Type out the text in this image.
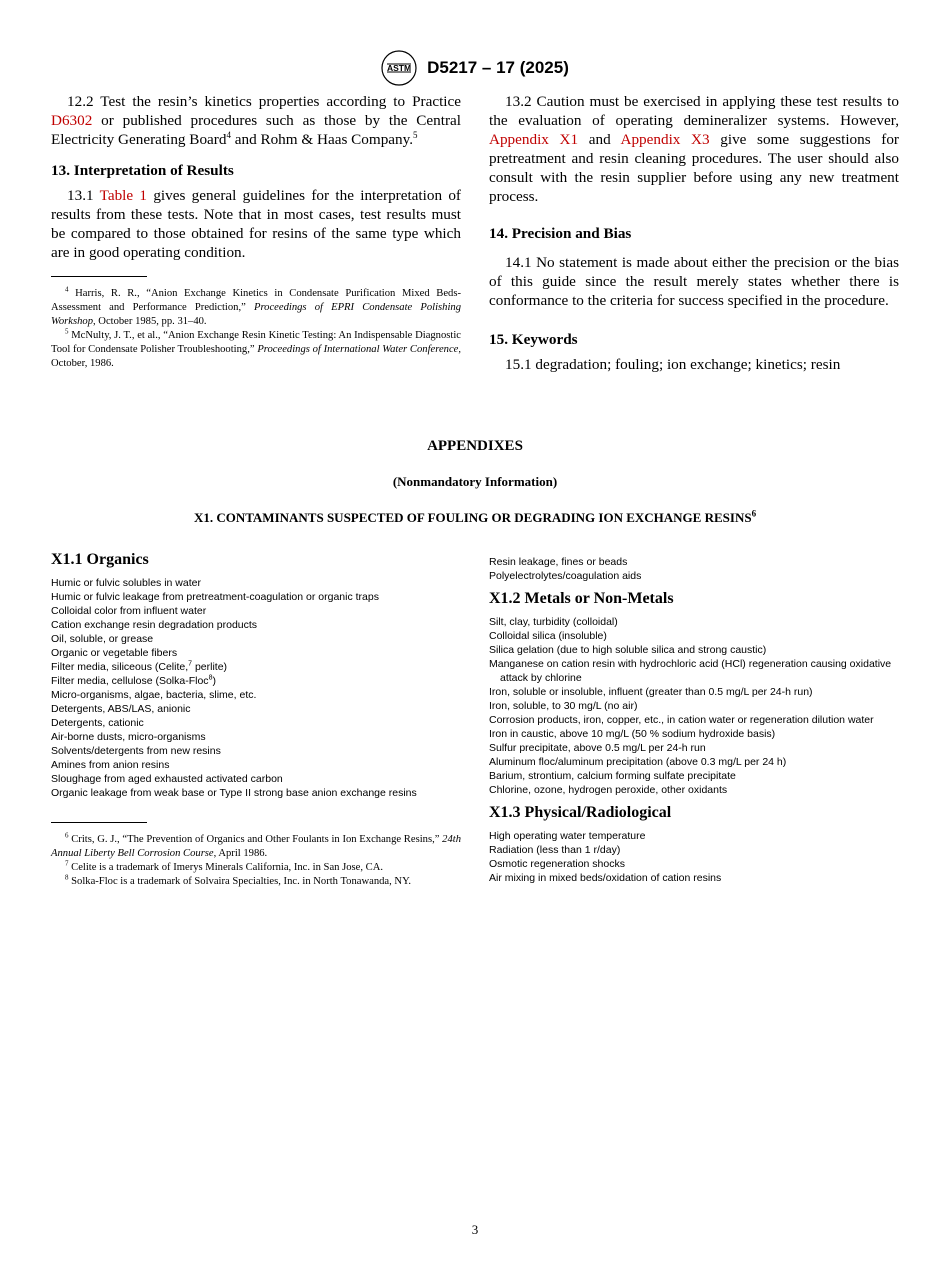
ASTM D5217 – 17 (2025)

12.2 Test the resin’s kinetics properties according to Practice D6302 or published procedures such as those by the Central Electricity Generating Board$^4$ and Rohm & Haas Company.$^5$

13. Interpretation of Results

13.1 Table 1 gives general guidelines for the interpretation of results from these tests. Note that in most cases, test results must be compared to those obtained for resins of the same type which are in good operating condition.

$^4$ Harris, R. R., “Anion Exchange Kinetics in Condensate Purification Mixed Beds-Assessment and Performance Prediction,” Proceedings of EPRI Condensate Polishing Workshop, October 1985, pp. 31–40.

$^5$ McNulty, J. T., et al., “Anion Exchange Resin Kinetic Testing: An Indispensable Diagnostic Tool for Condensate Polisher Troubleshooting,” Proceedings of International Water Conference, October, 1986.

13.2 Caution must be exercised in applying these test results to the evaluation of operating demineralizer systems. However, Appendix X1 and Appendix X3 give some suggestions for pretreatment and resin cleaning procedures. The user should also consult with the resin supplier before using any new treatment process.

14. Precision and Bias

14.1 No statement is made about either the precision or the bias of this guide since the result merely states whether there is conformance to the criteria for success specified in the procedure.

15. Keywords

15.1 degradation; fouling; ion exchange; kinetics; resin

APPENDIXES
(Nonmandatory Information)
X1. CONTAMINANTS SUSPECTED OF FOULING OR DEGRADING ION EXCHANGE RESINS$^6$
X1.1 Organics
Humic or fulvic solubles in water
Humic or fulvic leakage from pretreatment-coagulation or organic traps
Colloidal color from influent water
Cation exchange resin degradation products
Oil, soluble, or grease
Organic or vegetable fibers
Filter media, siliceous (Celite,$^7$ perlite)
Filter media, cellulose (Solka-Floc$^8$)
Micro-organisms, algae, bacteria, slime, etc.
Detergents, ABS/LAS, anionic
Detergents, cationic
Air-borne dusts, micro-organisms
Solvents/detergents from new resins
Amines from anion resins
Sloughage from aged exhausted activated carbon
Organic leakage from weak base or Type II strong base anion exchange resins

$^6$ Crits, G. J., “The Prevention of Organics and Other Foulants in Ion Exchange Resins,” 24th Annual Liberty Bell Corrosion Course, April 1986.

$^7$ Celite is a trademark of Imerys Minerals California, Inc. in San Jose, CA.

$^8$ Solka-Floc is a trademark of Solvaira Specialties, Inc. in North Tonawanda, NY.

Resin leakage, fines or beads
Polyelectrolytes/coagulation aids
X1.2 Metals or Non-Metals
Silt, clay, turbidity (colloidal)
Colloidal silica (insoluble)
Silica gelation (due to high soluble silica and strong caustic)
Manganese on cation resin with hydrochloric acid (HCl) regeneration causing oxidative attack by chlorine
Iron, soluble or insoluble, influent (greater than 0.5 mg/L per 24-h run)
Iron, soluble, to 30 mg/L (no air)
Corrosion products, iron, copper, etc., in cation water or regeneration dilution water
Iron in caustic, above 10 mg/L (50 % sodium hydroxide basis)
Sulfur precipitate, above 0.5 mg/L per 24-h run
Aluminum floc/aluminum precipitation (above 0.3 mg/L per 24 h)
Barium, strontium, calcium forming sulfate precipitate
Chlorine, ozone, hydrogen peroxide, other oxidants
X1.3 Physical/Radiological
High operating water temperature
Radiation (less than 1 r/day)
Osmotic regeneration shocks
Air mixing in mixed beds/oxidation of cation resins
3
